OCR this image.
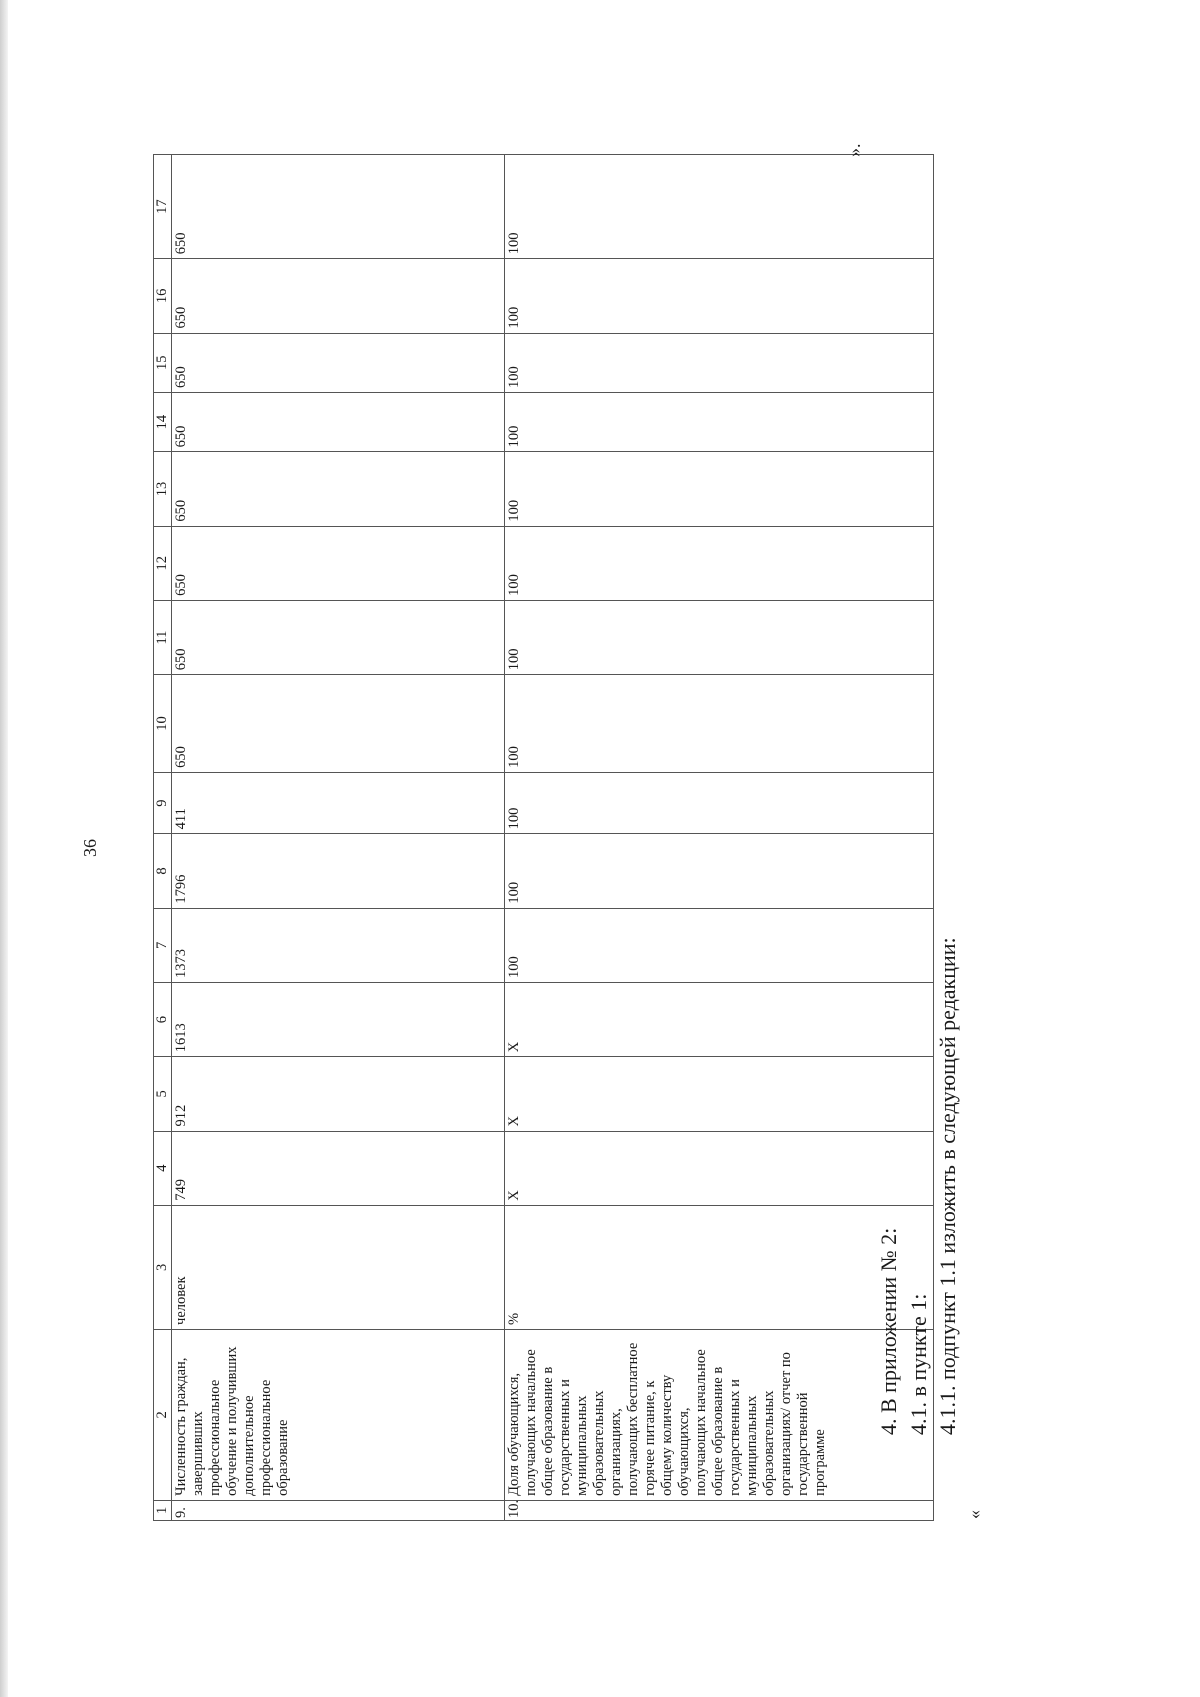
36
1	2	3	4	5	6	7	8	9	10	11	12	13	14	15	16	17
9.	Численность граждан, завершивших профессиональное обучение и получивших дополнительное профессиональное образование	человек	749	912	1613	1373	1796	411	650	650	650	650	650	650	650	650
10.	Доля обучающихся, получающих начальное общее образование в государственных и муниципальных образовательных организациях, получающих бесплатное горячее питание, к общему количеству обучающихся, получающих начальное общее образование в государственных и муниципальных образовательных организациях/ отчет по государственной программе	%	X	X	X	100	100	100	100	100	100	100	100	100	100	100
«
».
4. В приложении № 2: 4.1. в пункте 1: 4.1.1. подпункт 1.1 изложить в следующей редакции:
